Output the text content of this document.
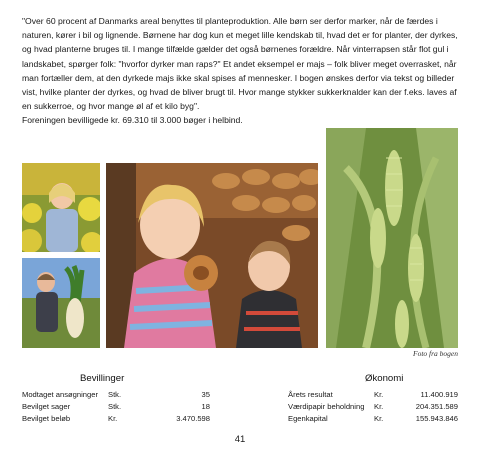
"Over 60 procent af Danmarks areal benyttes til planteproduktion. Alle børn ser derfor marker, når de færdes i naturen, kører i bil og lignende. Børnene har dog kun et meget lille kendskab til, hvad det er for planter, der dyrkes, og hvad planterne bruges til. I mange tilfælde gælder det også børnenes forældre. Når vinterrapsen står flot gul i landskabet, spørger folk: "hvorfor dyrker man raps?" Et andet eksempel er majs – folk bliver meget overrasket, når man fortæller dem, at den dyrkede majs ikke skal spises af mennesker. I bogen ønskes derfor via tekst og billeder vist, hvilke planter der dyrkes, og hvad de bliver brugt til. Hvor mange stykker sukkerknalder kan der f.eks. laves af en sukkerroe, og hvor mange øl af et kilo byg".

Foreningen bevilligede kr. 69.310 til 3.000 bøger i helbind.

Foto fra bogen
Bevillinger
Modtaget ansøgninger	Stk.	35
Bevilget sager	Stk.	18
Bevilget beløb	Kr.	3.470.598
Økonomi
Årets resultat	Kr.	11.400.919
Værdipapir beholdning	Kr.	204.351.589
Egenkapital	Kr.	155.943.846
41
